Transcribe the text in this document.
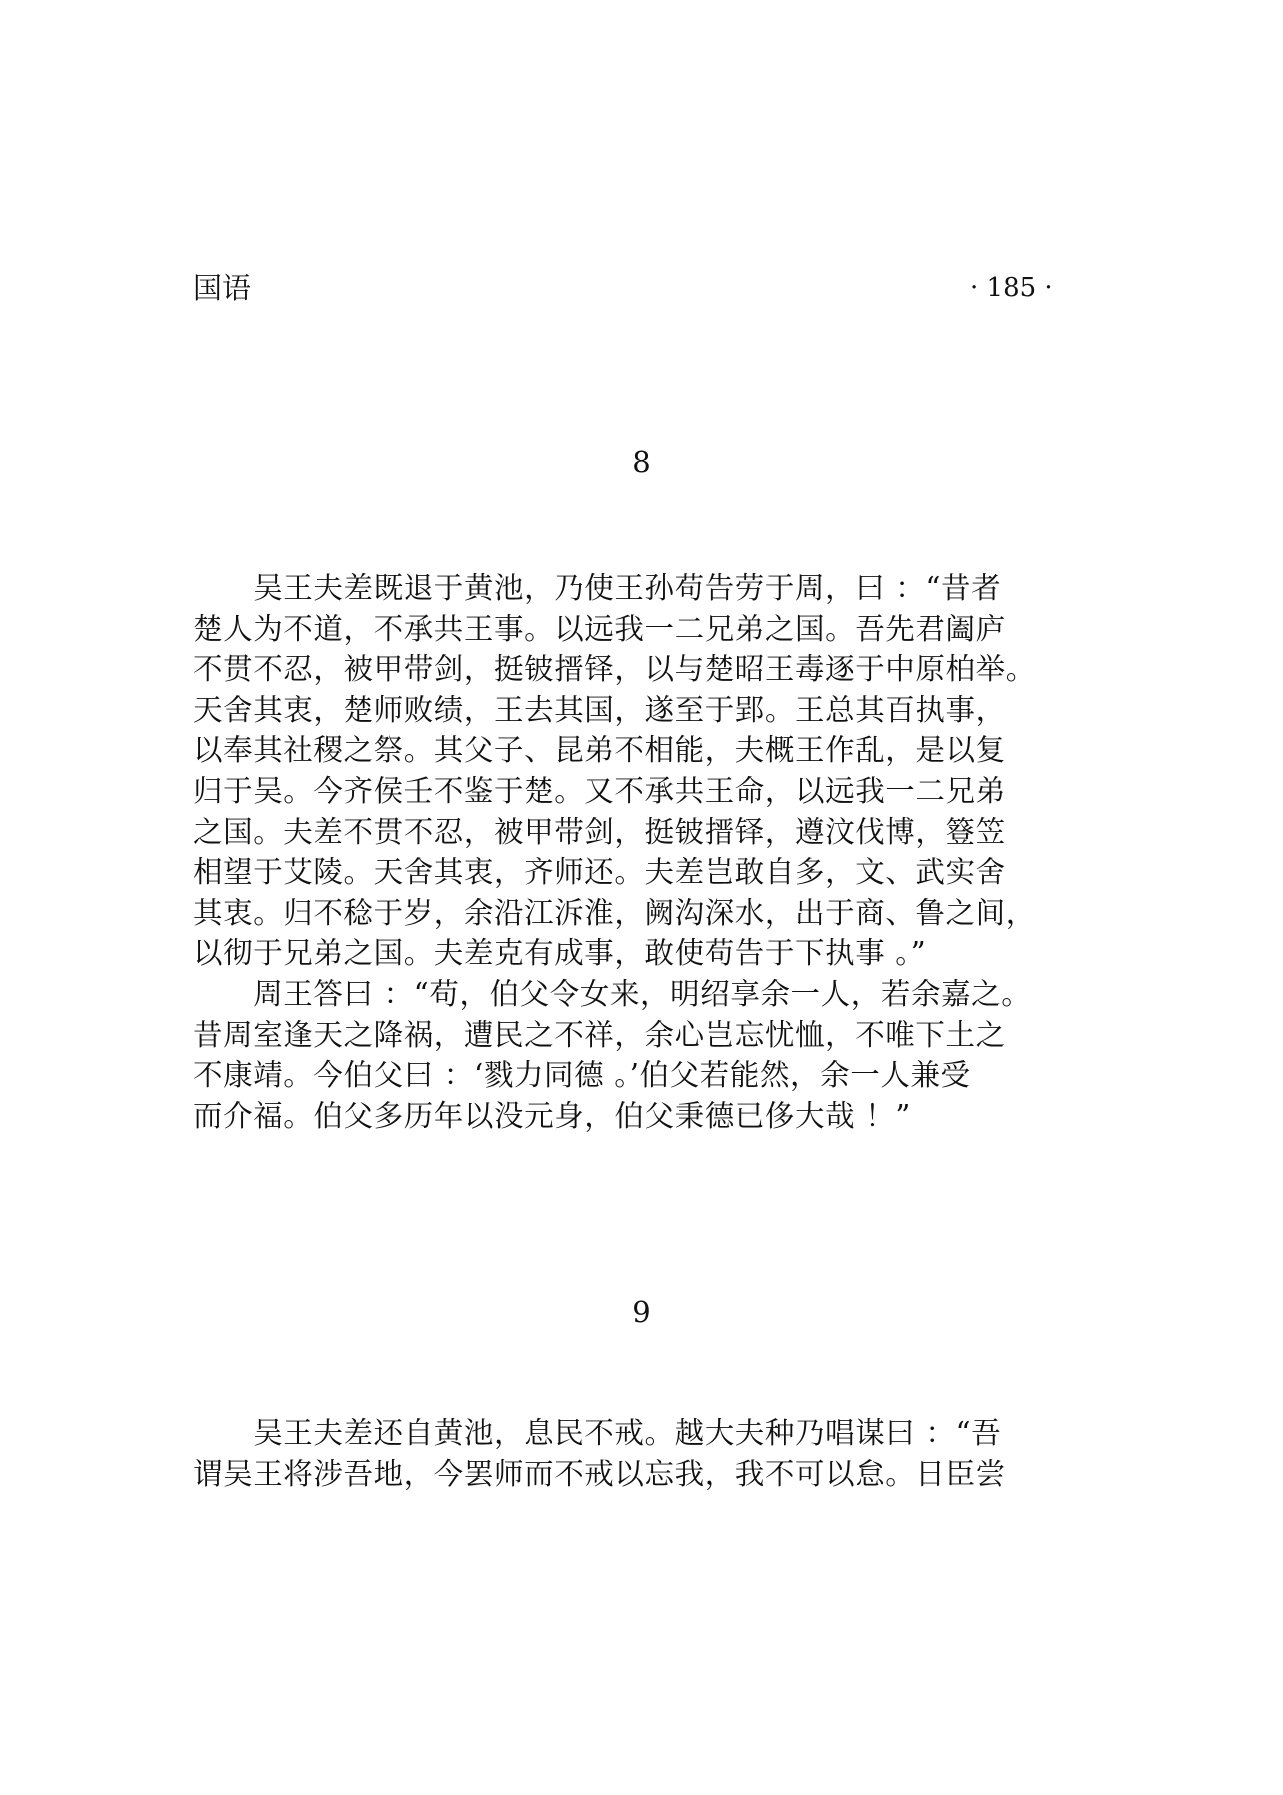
国语	· 185 ·
8
　　吴王夫差既退于黄池，乃使王孙苟告劳于周，曰 ：“昔者
楚人为不道，不承共王事。以远我一二兄弟之国。吾先君阖庐
不贯不忍，被甲带剑，挺铍搢铎，以与楚昭王毒逐于中原柏举。
天舍其衷，楚师败绩，王去其国，遂至于郢。王总其百执事，
以奉其社稷之祭。其父子、昆弟不相能，夫概王作乱，是以复
归于吴。今齐侯壬不鉴于楚。又不承共王命，以远我一二兄弟
之国。夫差不贯不忍，被甲带剑，挺铍搢铎，遵汶伐博，簦笠
相望于艾陵。天舍其衷，齐师还。夫差岂敢自多，文、武实舍
其衷。归不稔于岁，余沿江泝淮，阙沟深水，出于商、鲁之间，
以彻于兄弟之国。夫差克有成事，敢使苟告于下执事 。”
　　周王答曰 ：“苟，伯父令女来，明绍享余一人，若余嘉之。
昔周室逢天之降祸，遭民之不祥，余心岂忘忧恤，不唯下土之
不康靖。今伯父曰 ：‘戮力同德 。’伯父若能然，余一人兼受
而介福。伯父多历年以没元身，伯父秉德已侈大哉 ！”
9
　　吴王夫差还自黄池，息民不戒。越大夫种乃唱谋曰 ：“吾
谓吴王将涉吾地，今罢师而不戒以忘我，我不可以怠。日臣尝
